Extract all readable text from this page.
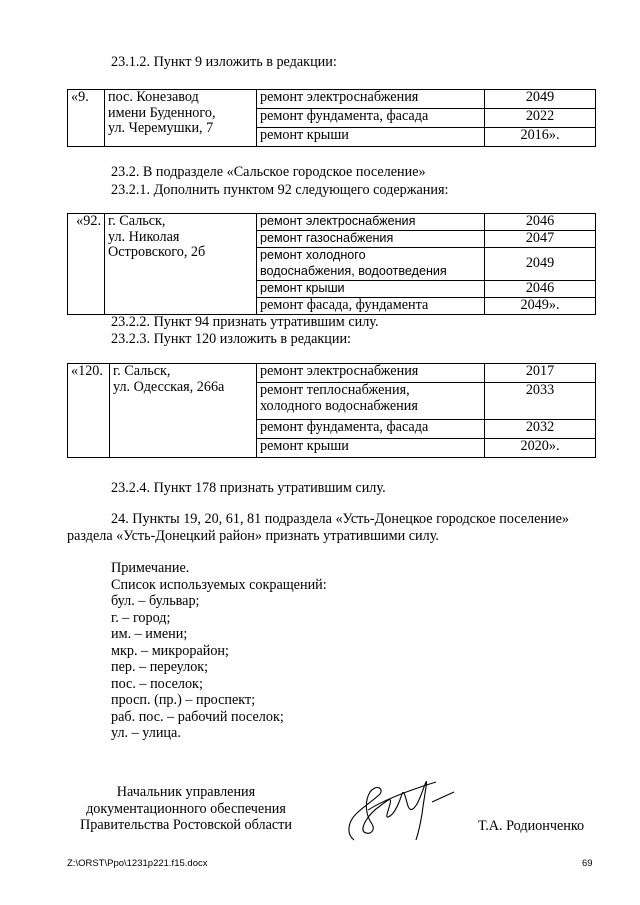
23.1.2. Пункт 9 изложить в редакции:
«9.	пос. Конезавод
имени Буденного,
ул. Черемушки, 7	ремонт электроснабжения	2049
		ремонт фундамента, фасада	2022
		ремонт крыши	2016».
23.2. В подразделе «Сальское городское поселение»
23.2.1. Дополнить пунктом 92 следующего содержания:
«92.	г. Сальск,
ул. Николая
Островского, 2б	ремонт электроснабжения	2046
		ремонт газоснабжения	2047

		ремонт холодного
водоснабжения, водоотведения	2049
		ремонт крыши	2046
		ремонт фасада, фундамента	2049».
23.2.2. Пункт 94 признать утратившим силу.
23.2.3. Пункт 120 изложить в редакции:
«120.	г. Сальск,
ул. Одесская, 266а	ремонт электроснабжения	2017

		ремонт теплоснабжения,
холодного водоснабжения	2033
		ремонт фундамента, фасада	2032
		ремонт крыши	2020».
23.2.4. Пункт 178 признать утратившим силу.
24. Пункты 19, 20, 61, 81 подраздела «Усть-Донецкое городское поселение»
раздела «Усть-Донецкий район» признать утратившими силу.
Примечание.
Список используемых сокращений:
бул. – бульвар;
г. – город;
им. – имени;
мкр. – микрорайон;
пер. – переулок;
пос. – поселок;
просп. (пр.) – проспект;
раб. пос. – рабочий поселок;
ул. – улица.
Начальник управления
документационного обеспечения
Правительства Ростовской области	Т.А. Родионченко
Z:\ORST\Ppo\1231p221.f15.docx	69
